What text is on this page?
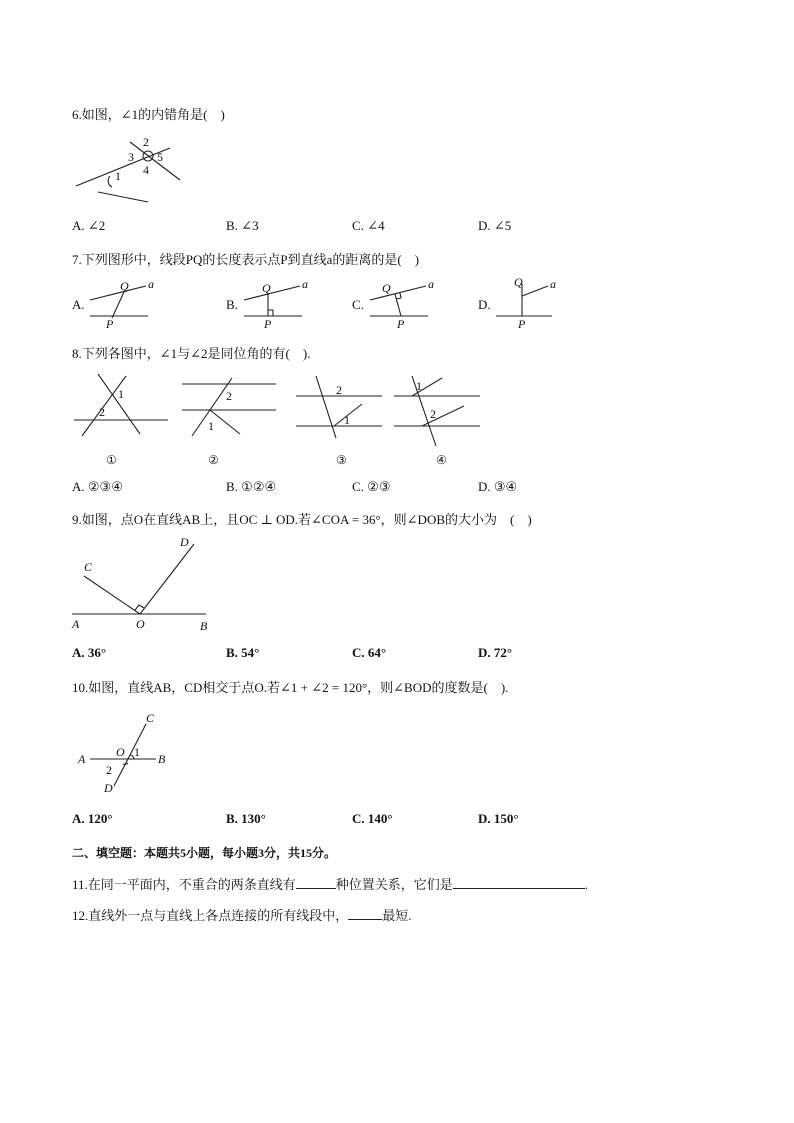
6.如图，∠1的内错角是(　)
1
2
3
4
5
A. ∠2	B. ∠3	C. ∠4	D. ∠5
7.下列图形中，线段PQ的长度表示点P到直线a的距离的是(　)
A.
Q a
P
B.
Q	a
P
C.
Q	a
P
D.
Q a
P
8.下列各图中，∠1与∠2是同位角的有(　).
1
2
①
2
1
②
2
1
③
1
2
④
A. ②③④	B. ①②④	C. ②③	D. ③④
9.如图，点O在直线AB上，且OC ⊥ OD.若∠COA = 36°，则∠DOB的大小为　(　)
A	O	B
C
D
A. 36°	B. 54°	C. 64°	D. 72°
10.如图，直线AB，CD相交于点O.若∠1 + ∠2 = 120°，则∠BOD的度数是(　).
A	B
C
D
O 1
2
A. 120°	B. 130°	C. 140°	D. 150°
二、填空题：本题共5小题，每小题3分，共15分。
11.在同一平面内，不重合的两条直线有	种位置关系，它们是	.
12.直线外一点与直线上各点连接的所有线段中，	最短.
